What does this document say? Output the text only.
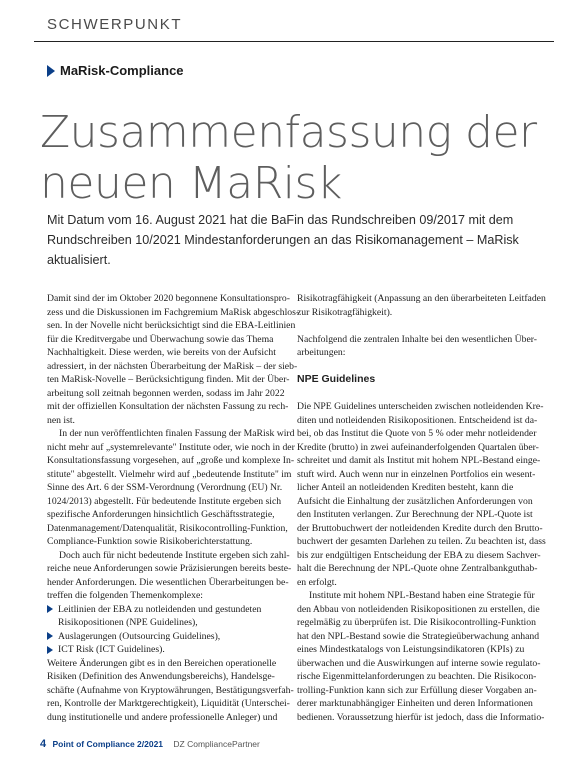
SCHWERPUNKT
MaRisk-Compliance
Zusammenfassung der
neuen MaRisk
Mit Datum vom 16. August 2021 hat die BaFin das Rundschreiben 09/2017 mit dem
Rundschreiben 10/2021 Mindestanforderungen an das Risikomanagement – MaRisk
aktualisiert.
Damit sind der im Oktober 2020 begonnene Konsultationspro-
zess und die Diskussionen im Fachgremium MaRisk abgeschlos-
sen. In der Novelle nicht berücksichtigt sind die EBA-Leitlinien
für die Kreditvergabe und Überwachung sowie das Thema
Nachhaltigkeit. Diese werden, wie bereits von der Aufsicht
adressiert, in der nächsten Überarbeitung der MaRisk – der sieb-
ten MaRisk-Novelle – Berücksichtigung finden. Mit der Über-
arbeitung soll zeitnah begonnen werden, sodass im Jahr 2022
mit der offiziellen Konsultation der nächsten Fassung zu rech-
nen ist.
In der nun veröffentlichten finalen Fassung der MaRisk wird
nicht mehr auf „systemrelevante" Institute oder, wie noch in der
Konsultationsfassung vorgesehen, auf „große und komplexe In-
stitute" abgestellt. Vielmehr wird auf „bedeutende Institute" im
Sinne des Art. 6 der SSM-Verordnung (Verordnung (EU) Nr.
1024/2013) abgestellt. Für bedeutende Institute ergeben sich
spezifische Anforderungen hinsichtlich Geschäftsstrategie,
Datenmanagement/Datenqualität, Risikocontrolling-Funktion,
Compliance-Funktion sowie Risikoberichterstattung.
Doch auch für nicht bedeutende Institute ergeben sich zahl-
reiche neue Anforderungen sowie Präzisierungen bereits beste-
hender Anforderungen. Die wesentlichen Überarbeitungen be-
treffen die folgenden Themenkomplexe:
Leitlinien der EBA zu notleidenden und gestundeten
Risikopositionen (NPE Guidelines),
Auslagerungen (Outsourcing Guidelines),
ICT Risk (ICT Guidelines).
Weitere Änderungen gibt es in den Bereichen operationelle
Risiken (Definition des Anwendungsbereichs), Handelsge-
schäfte (Aufnahme von Kryptowährungen, Bestätigungsverfah-
ren, Kontrolle der Marktgerechtigkeit), Liquidität (Unterschei-
dung institutionelle und andere professionelle Anleger) und
Risikotragfähigkeit (Anpassung an den überarbeiteten Leitfaden
zur Risikotragfähigkeit).
Nachfolgend die zentralen Inhalte bei den wesentlichen Über-
arbeitungen:
NPE Guidelines
Die NPE Guidelines unterscheiden zwischen notleidenden Kre-
diten und notleidenden Risikopositionen. Entscheidend ist da-
bei, ob das Institut die Quote von 5 % oder mehr notleidender
Kredite (brutto) in zwei aufeinanderfolgenden Quartalen über-
schreitet und damit als Institut mit hohem NPL-Bestand einge-
stuft wird. Auch wenn nur in einzelnen Portfolios ein wesent-
licher Anteil an notleidenden Krediten besteht, kann die
Aufsicht die Einhaltung der zusätzlichen Anforderungen von
den Instituten verlangen. Zur Berechnung der NPL-Quote ist
der Bruttobuchwert der notleidenden Kredite durch den Brutto-
buchwert der gesamten Darlehen zu teilen. Zu beachten ist, dass
bis zur endgültigen Entscheidung der EBA zu diesem Sachver-
halt die Berechnung der NPL-Quote ohne Zentralbankguthab-
en erfolgt.
Institute mit hohem NPL-Bestand haben eine Strategie für
den Abbau von notleidenden Risikopositionen zu erstellen, die
regelmäßig zu überprüfen ist. Die Risikocontrolling-Funktion
hat den NPL-Bestand sowie die Strategieüberwachung anhand
eines Mindestkatalogs von Leistungsindikatoren (KPIs) zu
überwachen und die Auswirkungen auf interne sowie regulato-
rische Eigenmittelanforderungen zu beachten. Die Risikocon-
trolling-Funktion kann sich zur Erfüllung dieser Vorgaben an-
derer marktunabhängiger Einheiten und deren Informationen
bedienen. Voraussetzung hierfür ist jedoch, dass die Informatio-
4 Point of Compliance 2/2021 DZ CompliancePartner
